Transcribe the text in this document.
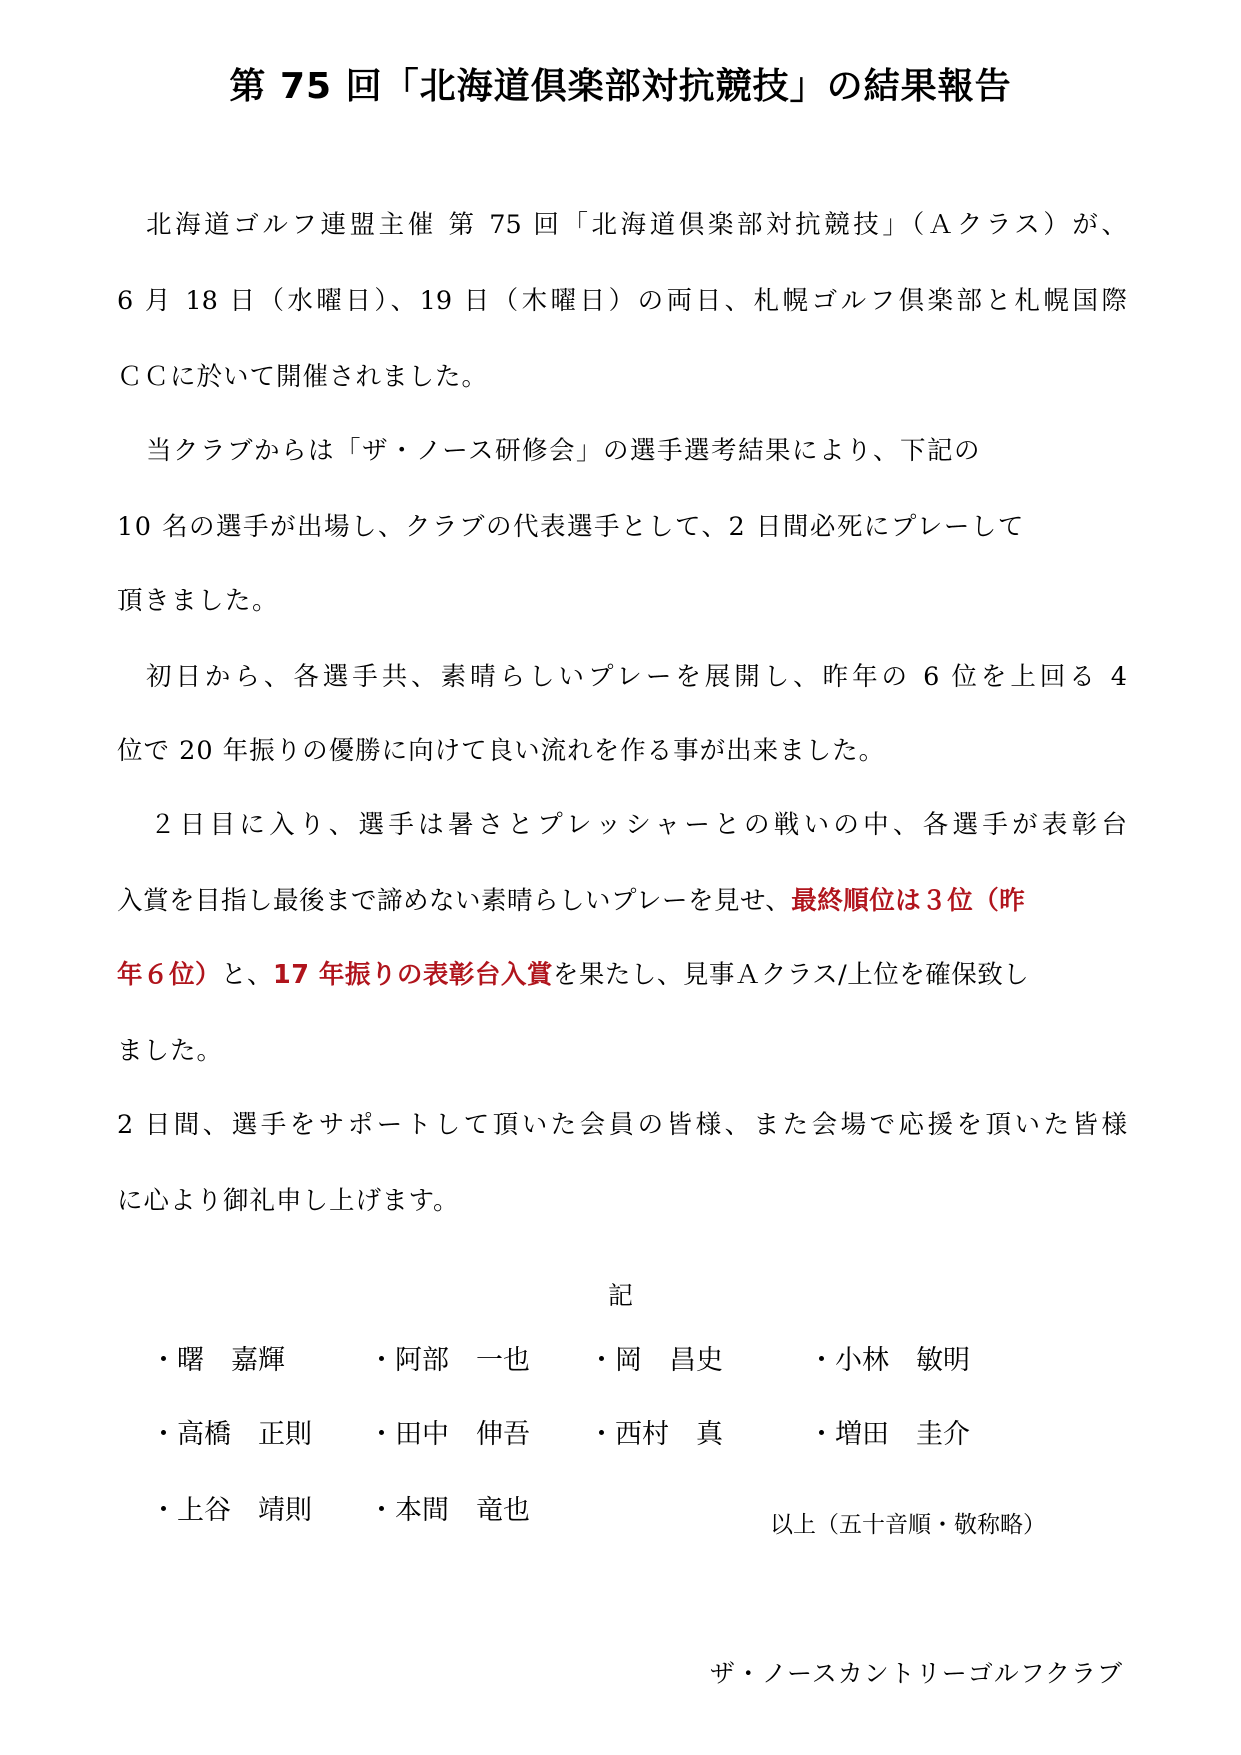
第 75 回「北海道倶楽部対抗競技」の結果報告
北海道ゴルフ連盟主催 第 75 回「北海道倶楽部対抗競技」（Ａクラス）が、
6 月 18 日（水曜日）、19 日（木曜日）の両日、札幌ゴルフ倶楽部と札幌国際
ＣＣに於いて開催されました。
当クラブからは「ザ・ノース研修会」の選手選考結果により、下記の
10 名の選手が出場し、クラブの代表選手として、2 日間必死にプレーして
頂きました。
初日から、各選手共、素晴らしいプレーを展開し、昨年の 6 位を上回る 4
位で 20 年振りの優勝に向けて良い流れを作る事が出来ました。
２日目に入り、選手は暑さとプレッシャーとの戦いの中、各選手が表彰台
入賞を目指し最後まで諦めない素晴らしいプレーを見せ、最終順位は３位（昨
年６位）と、17 年振りの表彰台入賞を果たし、見事Ａクラス/上位を確保致し
ました。
2 日間、選手をサポートして頂いた会員の皆様、また会場で応援を頂いた皆様
に心より御礼申し上げます。
記
・曙　嘉輝	・阿部　一也 ・岡　昌史	・小林　敏明
・高橋　正則 ・田中　伸吾 ・西村　真	・増田　圭介
・上谷　靖則 ・本間　竜也	以上（五十音順・敬称略）
ザ・ノースカントリーゴルフクラブ
